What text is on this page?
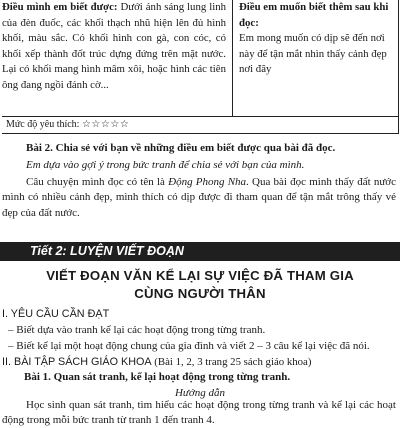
Điều mình em biết được: Dưới ánh sáng lung linh của đèn đuốc, các khối thạch nhũ hiện lên đủ hình khối, màu sắc. Có khối hình con gà, con cóc, có khối xếp thành đốt trúc dựng đứng trên mặt nước. Lại có khối mang hình mâm xôi, hoặc hình các tiên ông đang ngồi đánh cờ...
Điều em muốn biết thêm sau khi đọc:
Em mong muốn có dịp sẽ đến nơi này để tận mắt nhìn thấy cảnh đẹp nơi đây
Mức độ yêu thích: ☆☆☆☆☆
Bài 2. Chia sẻ với bạn về những điều em biết được qua bài đã đọc.
Em dựa vào gợi ý trong bức tranh để chia sẻ với bạn của mình.
Câu chuyện mình đọc có tên là Động Phong Nha. Qua bài đọc mình thấy đất nước mình có nhiều cảnh đẹp, mình thích có dịp được đi tham quan để tận mắt trông thấy vẻ đẹp của đất nước.
Tiết 2: LUYỆN VIẾT ĐOẠN
VIẾT ĐOẠN VĂN KỂ LẠI SỰ VIỆC ĐÃ THAM GIA
CÙNG NGƯỜI THÂN
I. YÊU CẦU CẦN ĐẠT
– Biết dựa vào tranh kể lại các hoạt động trong từng tranh.
– Biết kể lại một hoạt động chung của gia đình và viết 2 – 3 câu kể lại việc đã nói.
II. BÀI TẬP SÁCH GIÁO KHOA (Bài 1, 2, 3 trang 25 sách giáo khoa)
Bài 1. Quan sát tranh, kể lại hoạt động trong từng tranh.
Hướng dẫn
Học sinh quan sát tranh, tìm hiểu các hoạt động trong từng tranh và kể lại các hoạt động trong mỗi bức tranh từ tranh 1 đến tranh 4.
